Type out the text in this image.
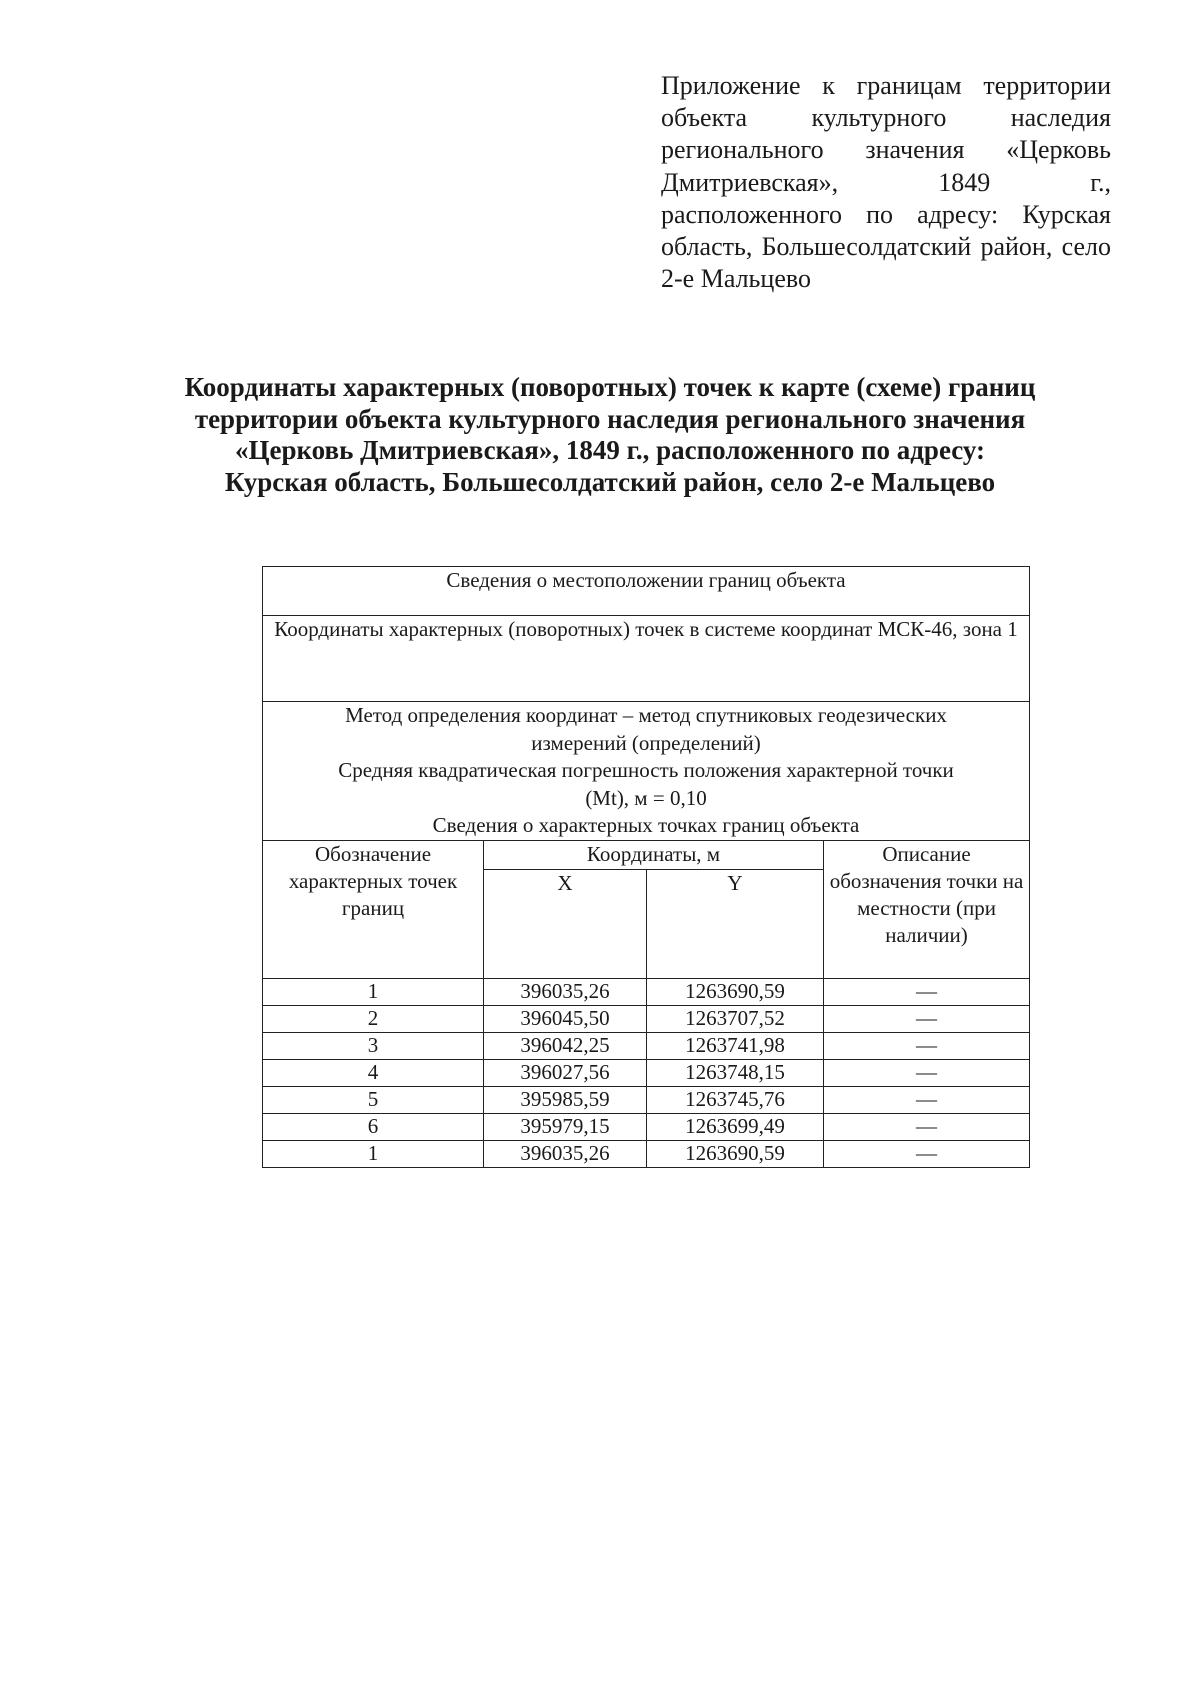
Приложение к границам территории объекта культурного наследия регионального значения «Церковь Дмитриевская», 1849 г., расположенного по адресу: Курская область, Большесолдатский район, село 2-е Мальцево
Координаты характерных (поворотных) точек к карте (схеме) границ
территории объекта культурного наследия регионального значения
«Церковь Дмитриевская», 1849 г., расположенного по адресу:
Курская область, Большесолдатский район, село 2-е Мальцево
Сведения о местоположении границ объекта			
Координаты характерных (поворотных) точек в системе координат МСК-46, зона 1			

Метод определения координат – метод спутниковых геодезических
измерений (определений)
Средняя квадратическая погрешность положения характерной точки
(Mt), м = 0,10
Сведения о характерных точках границ объекта			

Обозначение характерных точек границ	Координаты, м		Описание обозначения точки на местности (при наличии)
	X	Y	
1	396035,26	1263690,59	—
2	396045,50	1263707,52	—
3	396042,25	1263741,98	—
4	396027,56	1263748,15	—
5	395985,59	1263745,76	—
6	395979,15	1263699,49	—
1	396035,26	1263690,59	—
